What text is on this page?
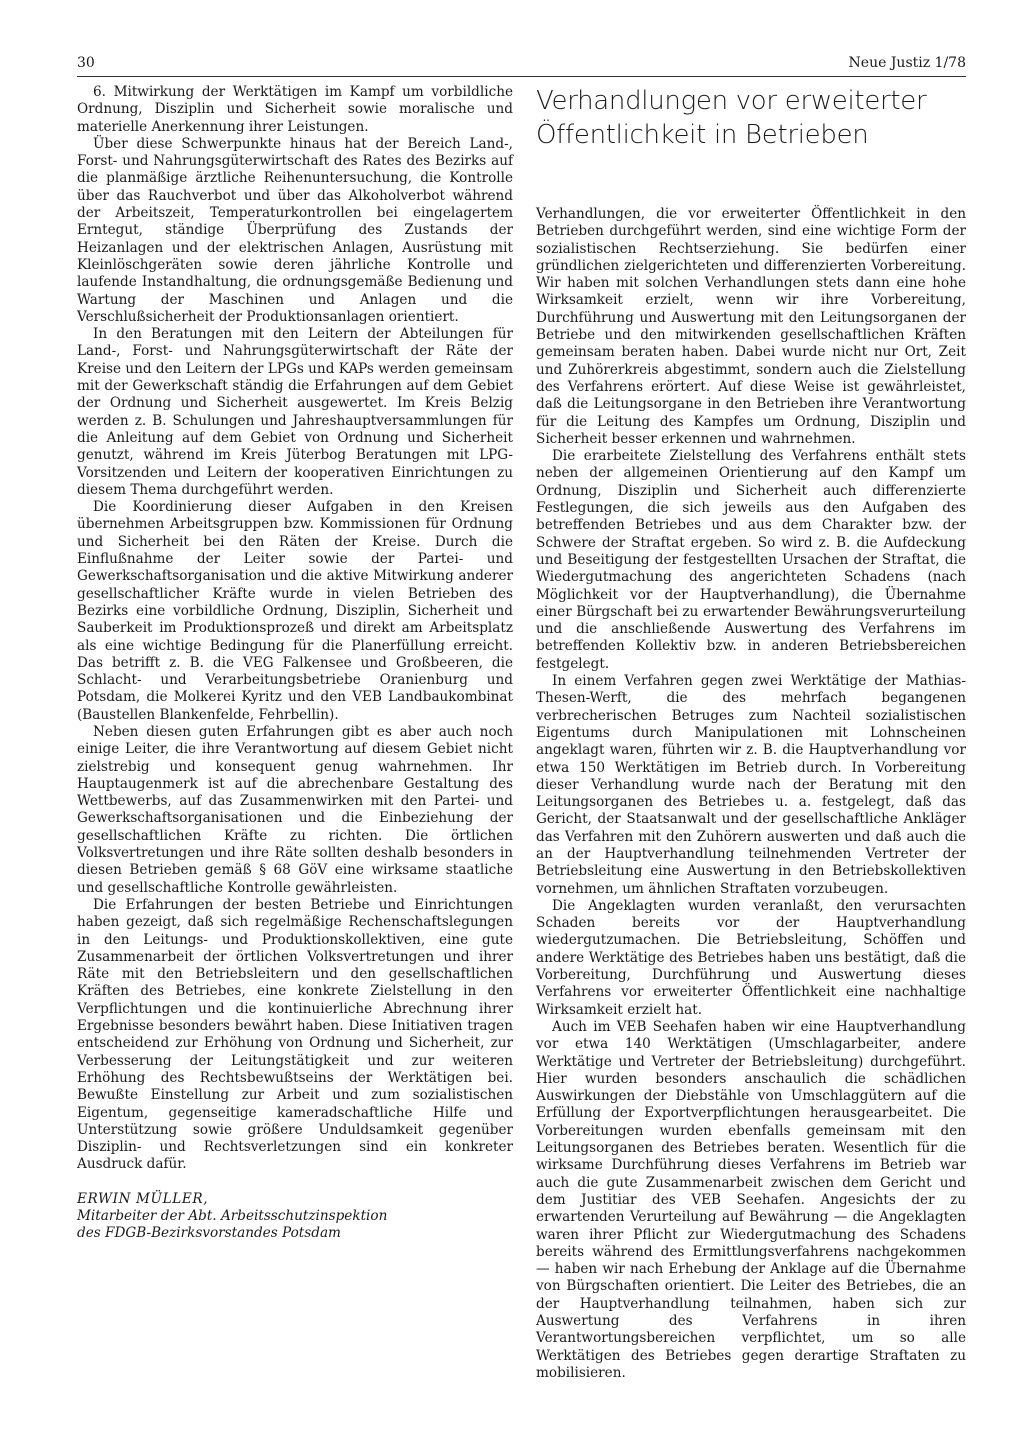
30	Neue Justiz 1/78

6. Mitwirkung der Werktätigen im Kampf um vorbildliche Ordnung, Disziplin und Sicherheit sowie moralische und materielle Anerkennung ihrer Leistungen.

Über diese Schwerpunkte hinaus hat der Bereich Land-, Forst- und Nahrungsgüterwirtschaft des Rates des Bezirks auf die planmäßige ärztliche Reihenuntersuchung, die Kontrolle über das Rauchverbot und über das Alkoholverbot während der Arbeitszeit, Temperaturkontrollen bei eingelagertem Erntegut, ständige Überprüfung des Zustands der Heizanlagen und der elektrischen Anlagen, Ausrüstung mit Kleinlöschgeräten sowie deren jährliche Kontrolle und laufende Instandhaltung, die ordnungsgemäße Bedienung und Wartung der Maschinen und Anlagen und die Verschlußsicherheit der Produktionsanlagen orientiert.

In den Beratungen mit den Leitern der Abteilungen für Land-, Forst- und Nahrungsgüterwirtschaft der Räte der Kreise und den Leitern der LPGs und KAPs werden gemeinsam mit der Gewerkschaft ständig die Erfahrungen auf dem Gebiet der Ordnung und Sicherheit ausgewertet. Im Kreis Belzig werden z. B. Schulungen und Jahreshauptversammlungen für die Anleitung auf dem Gebiet von Ordnung und Sicherheit genutzt, während im Kreis Jüterbog Beratungen mit LPG-Vorsitzenden und Leitern der kooperativen Einrichtungen zu diesem Thema durchgeführt werden.

Die Koordinierung dieser Aufgaben in den Kreisen übernehmen Arbeitsgruppen bzw. Kommissionen für Ordnung und Sicherheit bei den Räten der Kreise. Durch die Einflußnahme der Leiter sowie der Partei- und Gewerkschaftsorganisation und die aktive Mitwirkung anderer gesellschaftlicher Kräfte wurde in vielen Betrieben des Bezirks eine vorbildliche Ordnung, Disziplin, Sicherheit und Sauberkeit im Produktionsprozeß und direkt am Arbeitsplatz als eine wichtige Bedingung für die Planerfüllung erreicht. Das betrifft z. B. die VEG Falkensee und Großbeeren, die Schlacht- und Verarbeitungsbetriebe Oranienburg und Potsdam, die Molkerei Kyritz und den VEB Landbaukombinat (Baustellen Blankenfelde, Fehrbellin).

Neben diesen guten Erfahrungen gibt es aber auch noch einige Leiter, die ihre Verantwortung auf diesem Gebiet nicht zielstrebig und konsequent genug wahrnehmen. Ihr Hauptaugenmerk ist auf die abrechenbare Gestaltung des Wettbewerbs, auf das Zusammenwirken mit den Partei- und Gewerkschaftsorganisationen und die Einbeziehung der gesellschaftlichen Kräfte zu richten. Die örtlichen Volksvertretungen und ihre Räte sollten deshalb besonders in diesen Betrieben gemäß § 68 GöV eine wirksame staatliche und gesellschaftliche Kontrolle gewährleisten.

Die Erfahrungen der besten Betriebe und Einrichtungen haben gezeigt, daß sich regelmäßige Rechenschaftslegungen in den Leitungs- und Produktionskollektiven, eine gute Zusammenarbeit der örtlichen Volksvertretungen und ihrer Räte mit den Betriebsleitern und den gesellschaftlichen Kräften des Betriebes, eine konkrete Zielstellung in den Verpflichtungen und die kontinuierliche Abrechnung ihrer Ergebnisse besonders bewährt haben. Diese Initiativen tragen entscheidend zur Erhöhung von Ordnung und Sicherheit, zur Verbesserung der Leitungstätigkeit und zur weiteren Erhöhung des Rechtsbewußtseins der Werktätigen bei. Bewußte Einstellung zur Arbeit und zum sozialistischen Eigentum, gegenseitige kameradschaftliche Hilfe und Unterstützung sowie größere Unduldsamkeit gegenüber Disziplin- und Rechtsverletzungen sind ein konkreter Ausdruck dafür.

ERWIN MÜLLER,
Mitarbeiter der Abt. Arbeitsschutzinspektion
des FDGB-Bezirksvorstandes Potsdam
Verhandlungen vor erweiterter Öffentlichkeit in Betrieben

Verhandlungen, die vor erweiterter Öffentlichkeit in den Betrieben durchgeführt werden, sind eine wichtige Form der sozialistischen Rechtserziehung. Sie bedürfen einer gründlichen zielgerichteten und differenzierten Vorbereitung. Wir haben mit solchen Verhandlungen stets dann eine hohe Wirksamkeit erzielt, wenn wir ihre Vorbereitung, Durchführung und Auswertung mit den Leitungsorganen der Betriebe und den mitwirkenden gesellschaftlichen Kräften gemeinsam beraten haben. Dabei wurde nicht nur Ort, Zeit und Zuhörerkreis abgestimmt, sondern auch die Zielstellung des Verfahrens erörtert. Auf diese Weise ist gewährleistet, daß die Leitungsorgane in den Betrieben ihre Verantwortung für die Leitung des Kampfes um Ordnung, Disziplin und Sicherheit besser erkennen und wahrnehmen.

Die erarbeitete Zielstellung des Verfahrens enthält stets neben der allgemeinen Orientierung auf den Kampf um Ordnung, Disziplin und Sicherheit auch differenzierte Festlegungen, die sich jeweils aus den Aufgaben des betreffenden Betriebes und aus dem Charakter bzw. der Schwere der Straftat ergeben. So wird z. B. die Aufdeckung und Beseitigung der festgestellten Ursachen der Straftat, die Wiedergutmachung des angerichteten Schadens (nach Möglichkeit vor der Hauptverhandlung), die Übernahme einer Bürgschaft bei zu erwartender Bewährungsverurteilung und die anschließende Auswertung des Verfahrens im betreffenden Kollektiv bzw. in anderen Betriebsbereichen festgelegt.

In einem Verfahren gegen zwei Werktätige der Mathias-Thesen-Werft, die des mehrfach begangenen verbrecherischen Betruges zum Nachteil sozialistischen Eigentums durch Manipulationen mit Lohnscheinen angeklagt waren, führten wir z. B. die Hauptverhandlung vor etwa 150 Werktätigen im Betrieb durch. In Vorbereitung dieser Verhandlung wurde nach der Beratung mit den Leitungsorganen des Betriebes u. a. festgelegt, daß das Gericht, der Staatsanwalt und der gesellschaftliche Ankläger das Verfahren mit den Zuhörern auswerten und daß auch die an der Hauptverhandlung teilnehmenden Vertreter der Betriebsleitung eine Auswertung in den Betriebskollektiven vornehmen, um ähnlichen Straftaten vorzubeugen.

Die Angeklagten wurden veranlaßt, den verursachten Schaden bereits vor der Hauptverhandlung wiedergutzumachen. Die Betriebsleitung, Schöffen und andere Werktätige des Betriebes haben uns bestätigt, daß die Vorbereitung, Durchführung und Auswertung dieses Verfahrens vor erweiterter Öffentlichkeit eine nachhaltige Wirksamkeit erzielt hat.

Auch im VEB Seehafen haben wir eine Hauptverhandlung vor etwa 140 Werktätigen (Umschlagarbeiter, andere Werktätige und Vertreter der Betriebsleitung) durchgeführt. Hier wurden besonders anschaulich die schädlichen Auswirkungen der Diebstähle von Umschlaggütern auf die Erfüllung der Exportverpflichtungen herausgearbeitet. Die Vorbereitungen wurden ebenfalls gemeinsam mit den Leitungsorganen des Betriebes beraten. Wesentlich für die wirksame Durchführung dieses Verfahrens im Betrieb war auch die gute Zusammenarbeit zwischen dem Gericht und dem Justitiar des VEB Seehafen. Angesichts der zu erwartenden Verurteilung auf Bewährung — die Angeklagten waren ihrer Pflicht zur Wiedergutmachung des Schadens bereits während des Ermittlungsverfahrens nachgekommen — haben wir nach Erhebung der Anklage auf die Übernahme von Bürgschaften orientiert. Die Leiter des Betriebes, die an der Hauptverhandlung teilnahmen, haben sich zur Auswertung des Verfahrens in ihren Verantwortungsbereichen verpflichtet, um so alle Werktätigen des Betriebes gegen derartige Straftaten zu mobilisieren.
